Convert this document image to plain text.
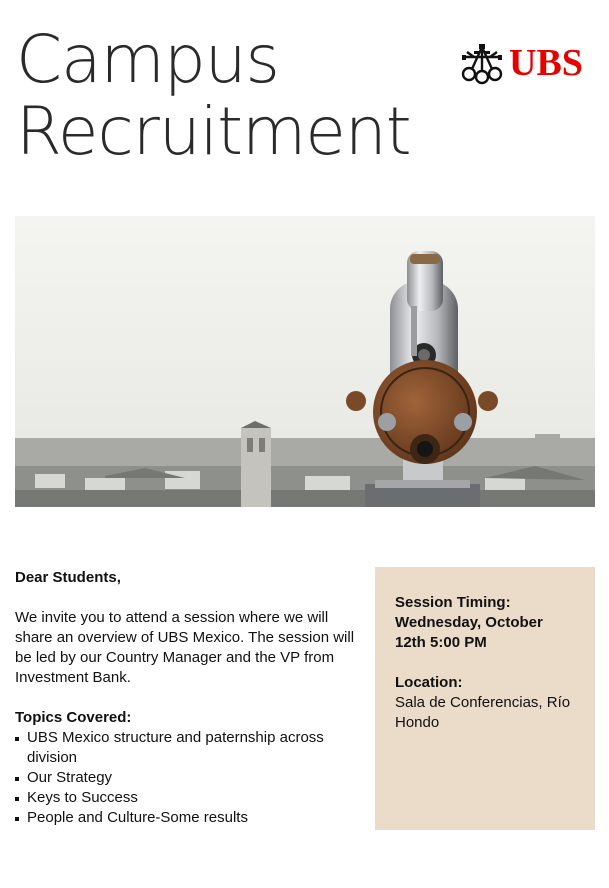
Campus
Recruitment
UBS

Dear Students,

We invite you to attend a session where we will share an overview of UBS Mexico. The session will be led by our Country Manager and the VP from Investment Bank.

Topics Covered:

UBS Mexico structure and paternship across division
Our Strategy
Keys to Success
People and Culture-Some results
Session Timing:
Wednesday, October 12th 5:00 PM
Location:
Sala de Conferencias, Río Hondo
